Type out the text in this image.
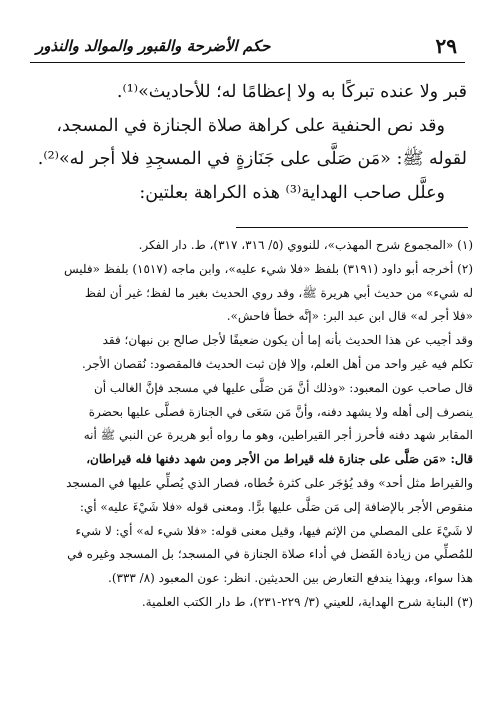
٢٩
حكم الأضرحة والقبور والموالد والنذور

قبر ولا عنده تبركًا به ولا إعظامًا له؛ للأحاديث»⁽¹⁾.

وقد نص الحنفية على كراهة صلاة الجنازة في المسجد،

لقوله ﷺ: «مَن صَلَّى على جَنَازةٍ في المسجِدِ فلا أجر له»⁽²⁾.

وعلَّل صاحب الهداية⁽³⁾ هذه الكراهة بعلتين:

(١) «المجموع شرح المهذب»، للنووي (٥/ ٣١٦، ٣١٧)، ط. دار الفكر.

(٢) أخرجه أبو داود (٣١٩١) بلفظ «فلا شيء عليه»، وابن ماجه (١٥١٧) بلفظ «فليس

له شيء» من حديث أبي هريرة ﷺ، وقد روي الحديث بغير ما لفظ؛ غير أن لفظ

«فلا أجر له» قال ابن عبد البر: «إنَّه خطأ فاحش».

وقد أجيب عن هذا الحديث بأنه إما أن يكون ضعيفًا لأجل صالح بن نبهان؛ فقد

تكلم فيه غير واحد من أهل العلم، وإلا فإن ثبت الحديث فالمقصود: نُقصان الأجر.

قال صاحب عون المعبود: «وذلك أنَّ مَن صَلَّى عليها في مسجد فإنَّ الغالب أن

ينصرف إلى أهله ولا يشهد دفنه، وأنَّ مَن سَعَى في الجنازة فصلَّى عليها بحضرة

المقابر شهد دفنه فأحرز أجر القيراطين، وهو ما رواه أبو هريرة عن النبي ﷺ أنه

قال: «مَن صَلَّى على جنازة فله قيراط من الأجر ومن شهد دفنها فله قيراطان،

والقيراط مثل أحد» وقد يُؤجَر على كثرة خُطاه، فصار الذي يُصلِّي عليها في المسجد

منقوص الأجر بالإضافة إلى مَن صَلَّى عليها برًّا. ومعنى قوله «فلا شَيْءَ عليه» أي:

لا شَيْءَ على المصلي من الإثم فيها، وقيل معنى قوله: «فلا شيء له» أي: لا شيء

للمُصلِّي من زيادة الفَضل في أداء صلاة الجنازة في المسجد؛ بل المسجد وغيره في

هذا سواء، وبهذا يندفع التعارض بين الحديثين. انظر: عون المعبود (٨/ ٣٣٣).

(٣) البناية شرح الهداية، للعيني (٣/ ٢٢٩-٢٣١)، ط دار الكتب العلمية.
